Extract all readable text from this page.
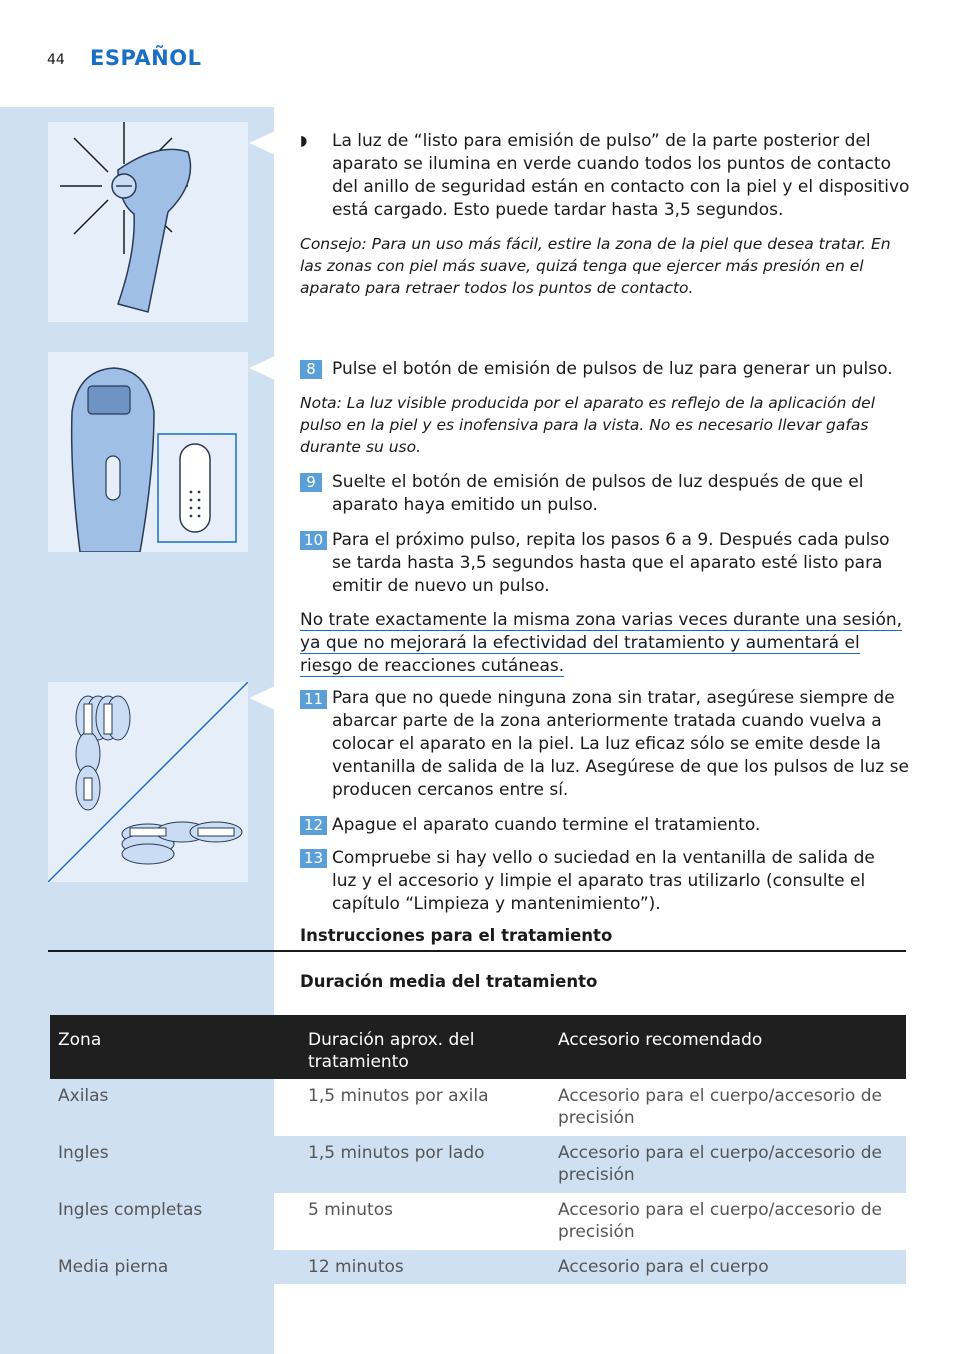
44 ESPAÑOL
◗ La luz de “listo para emisión de pulso” de la parte posterior del aparato se ilumina en verde cuando todos los puntos de contacto del anillo de seguridad están en contacto con la piel y el dispositivo está cargado. Esto puede tardar hasta 3,5 segundos.
Consejo: Para un uso más fácil, estire la zona de la piel que desea tratar. En las zonas con piel más suave, quizá tenga que ejercer más presión en el aparato para retraer todos los puntos de contacto.
8 Pulse el botón de emisión de pulsos de luz para generar un pulso.
Nota: La luz visible producida por el aparato es reflejo de la aplicación del pulso en la piel y es inofensiva para la vista. No es necesario llevar gafas durante su uso.
9 Suelte el botón de emisión de pulsos de luz después de que el aparato haya emitido un pulso.
10 Para el próximo pulso, repita los pasos 6 a 9. Después cada pulso se tarda hasta 3,5 segundos hasta que el aparato esté listo para emitir de nuevo un pulso.
No trate exactamente la misma zona varias veces durante una sesión, ya que no mejorará la efectividad del tratamiento y aumentará el riesgo de reacciones cutáneas.
11 Para que no quede ninguna zona sin tratar, asegúrese siempre de abarcar parte de la zona anteriormente tratada cuando vuelva a colocar el aparato en la piel. La luz eficaz sólo se emite desde la ventanilla de salida de la luz. Asegúrese de que los pulsos de luz se producen cercanos entre sí.
12 Apague el aparato cuando termine el tratamiento.
13 Compruebe si hay vello o suciedad en la ventanilla de salida de luz y el accesorio y limpie el aparato tras utilizarlo (consulte el capítulo “Limpieza y mantenimiento”).
Instrucciones para el tratamiento
Duración media del tratamiento
Zona	Duración aprox. del tratamiento	Accesorio recomendado
Axilas	1,5 minutos por axila	Accesorio para el cuerpo/accesorio de precisión
Ingles	1,5 minutos por lado	Accesorio para el cuerpo/accesorio de precisión
Ingles completas	5 minutos	Accesorio para el cuerpo/accesorio de precisión
Media pierna	12 minutos	Accesorio para el cuerpo
